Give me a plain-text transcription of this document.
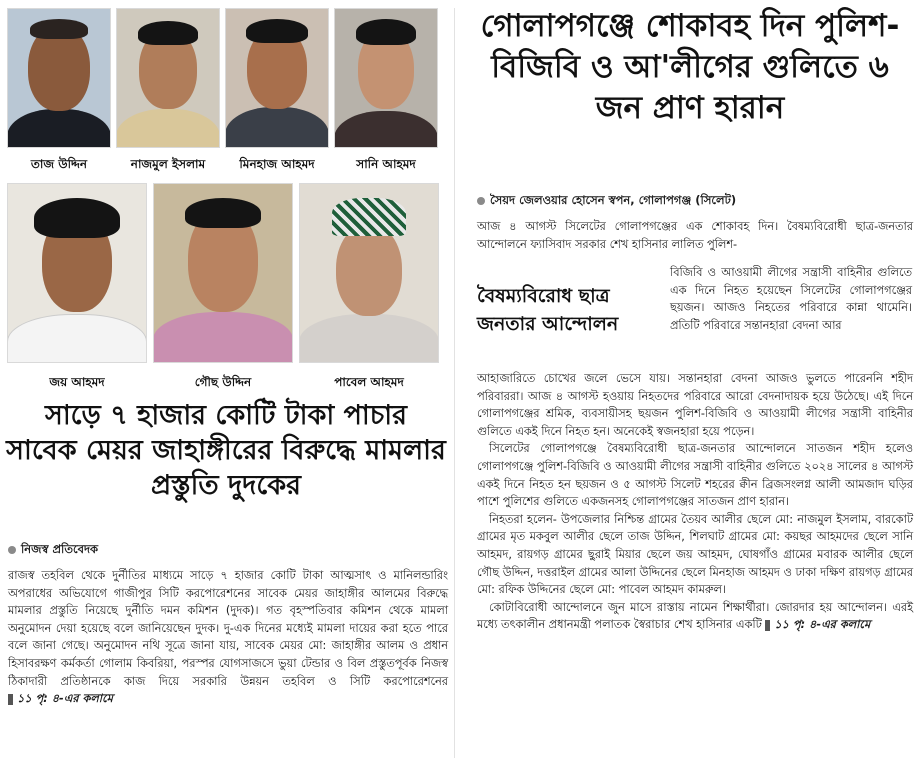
তাজ উদ্দিন	নাজমুল ইসলাম	মিনহাজ আহমদ	সানি আহমদ
জয় আহমদ	গৌছ উদ্দিন	পাবেল আহমদ
সাড়ে ৭ হাজার কোটি টাকা পাচার সাবেক মেয়র জাহাঙ্গীরের বিরুদ্ধে মামলার প্রস্তুতি দুদকের
নিজস্ব প্রতিবেদক

রাজস্ব তহবিল থেকে দুর্নীতির মাধ্যমে সাড়ে ৭ হাজার কোটি টাকা আত্মসাৎ ও মানিলন্ডারিং অপরাধের অভিযোগে গাজীপুর সিটি করপোরেশনের সাবেক মেয়র জাহাঙ্গীর আলমের বিরুদ্ধে মামলার প্রস্তুতি নিয়েছে দুর্নীতি দমন কমিশন (দুদক)। গত বৃহস্পতিবার কমিশন থেকে মামলা অনুমোদন দেয়া হয়েছে বলে জানিয়েছেন দুদক। দু-এক দিনের মধ্যেই মামলা দায়ের করা হতে পারে বলে জানা গেছে। অনুমোদন নথি সূত্রে জানা যায়, সাবেক মেয়র মো: জাহাঙ্গীর আলম ও প্রধান হিসাবরক্ষণ কর্মকর্তা গোলাম কিবরিয়া, পরস্পর যোগসাজসে ভুয়া টেন্ডার ও বিল প্রস্তুতপূর্বক নিজস্ব ঠিকাদারী প্রতিষ্ঠানকে কাজ দিয়ে সরকারি উন্নয়ন তহবিল ও সিটি করপোরেশনের ১১ পৃ: ৪-এর কলামে

গোলাপগঞ্জে শোকাবহ দিন পুলিশ-বিজিবি ও আ'লীগের গুলিতে ৬ জন প্রাণ হারান
সৈয়দ জেলওয়ার হোসেন স্বপন, গোলাপগঞ্জ (সিলেট)

আজ ৪ আগস্ট সিলেটের গোলাপগঞ্জের এক শোকাবহ দিন। বৈষম্যবিরোধী ছাত্র-জনতার আন্দোলনে ফ্যাসিবাদ সরকার শেখ হাসিনার লালিত পুলিশ-

বৈষম্যবিরোধ ছাত্র জনতার আন্দোলন
বিজিবি ও আওয়ামী লীগের সন্ত্রাসী বাহিনীর গুলিতে এক দিনে নিহত হয়েছেন সিলেটের গোলাপগঞ্জের ছয়জন। আজও নিহতের পরিবারে কান্না থামেনি। প্রতিটি পরিবারে সন্তানহারা বেদনা আর

আহাজারিতে চোখের জলে ভেসে যায়। সন্তানহারা বেদনা আজও ভুলতে পারেননি শহীদ পরিবাররা। আজ ৪ আগস্ট হওয়ায় নিহতদের পরিবারে আরো বেদনাদায়ক হয়ে উঠেছে। এই দিনে গোলাপগঞ্জের শ্রমিক, ব্যবসায়ীসহ ছয়জন পুলিশ-বিজিবি ও আওয়ামী লীগের সন্ত্রাসী বাহিনীর গুলিতে একই দিনে নিহত হন। অনেকেই স্বজনহারা হয়ে পড়েন।

সিলেটের গোলাপগঞ্জে বৈষম্যবিরোধী ছাত্র-জনতার আন্দোলনে সাতজন শহীদ হলেও গোলাপগঞ্জে পুলিশ-বিজিবি ও আওয়ামী লীগের সন্ত্রাসী বাহিনীর গুলিতে ২০২৪ সালের ৪ আগস্ট একই দিনে নিহত হন ছয়জন ও ৫ আগস্ট সিলেট শহরের ক্বীন ব্রিজসংলগ্ন আলী আমজাদ ঘড়ির পাশে পুলিশের গুলিতে একজনসহ গোলাপগঞ্জের সাতজন প্রাণ হারান।

নিহতরা হলেন- উপজেলার নিশ্চিন্ত গ্রামের তৈয়ব আলীর ছেলে মো: নাজমুল ইসলাম, বারকোট গ্রামের মৃত মকবুল আলীর ছেলে তাজ উদ্দিন, শিলঘাট গ্রামের মো: কয়ছর আহমদের ছেলে সানি আহমদ, রায়গড় গ্রামের ছুরাই মিয়ার ছেলে জয় আহমদ, ঘোষগাঁও গ্রামের মবারক আলীর ছেলে গৌছ উদ্দিন, দত্তরাইল গ্রামের আলা উদ্দিনের ছেলে মিনহাজ আহমদ ও ঢাকা দক্ষিণ রায়গড় গ্রামের মো: রফিক উদ্দিনের ছেলে মো: পাবেল আহমদ কামরুল।

কোটাবিরোধী আন্দোলনে জুন মাসে রাস্তায় নামেন শিক্ষার্থীরা। জোরদার হয় আন্দোলন। এরই মধ্যে তৎকালীন প্রধানমন্ত্রী পলাতক স্বৈরাচার শেখ হাসিনার একটি ১১ পৃ: ৪-এর কলামে
